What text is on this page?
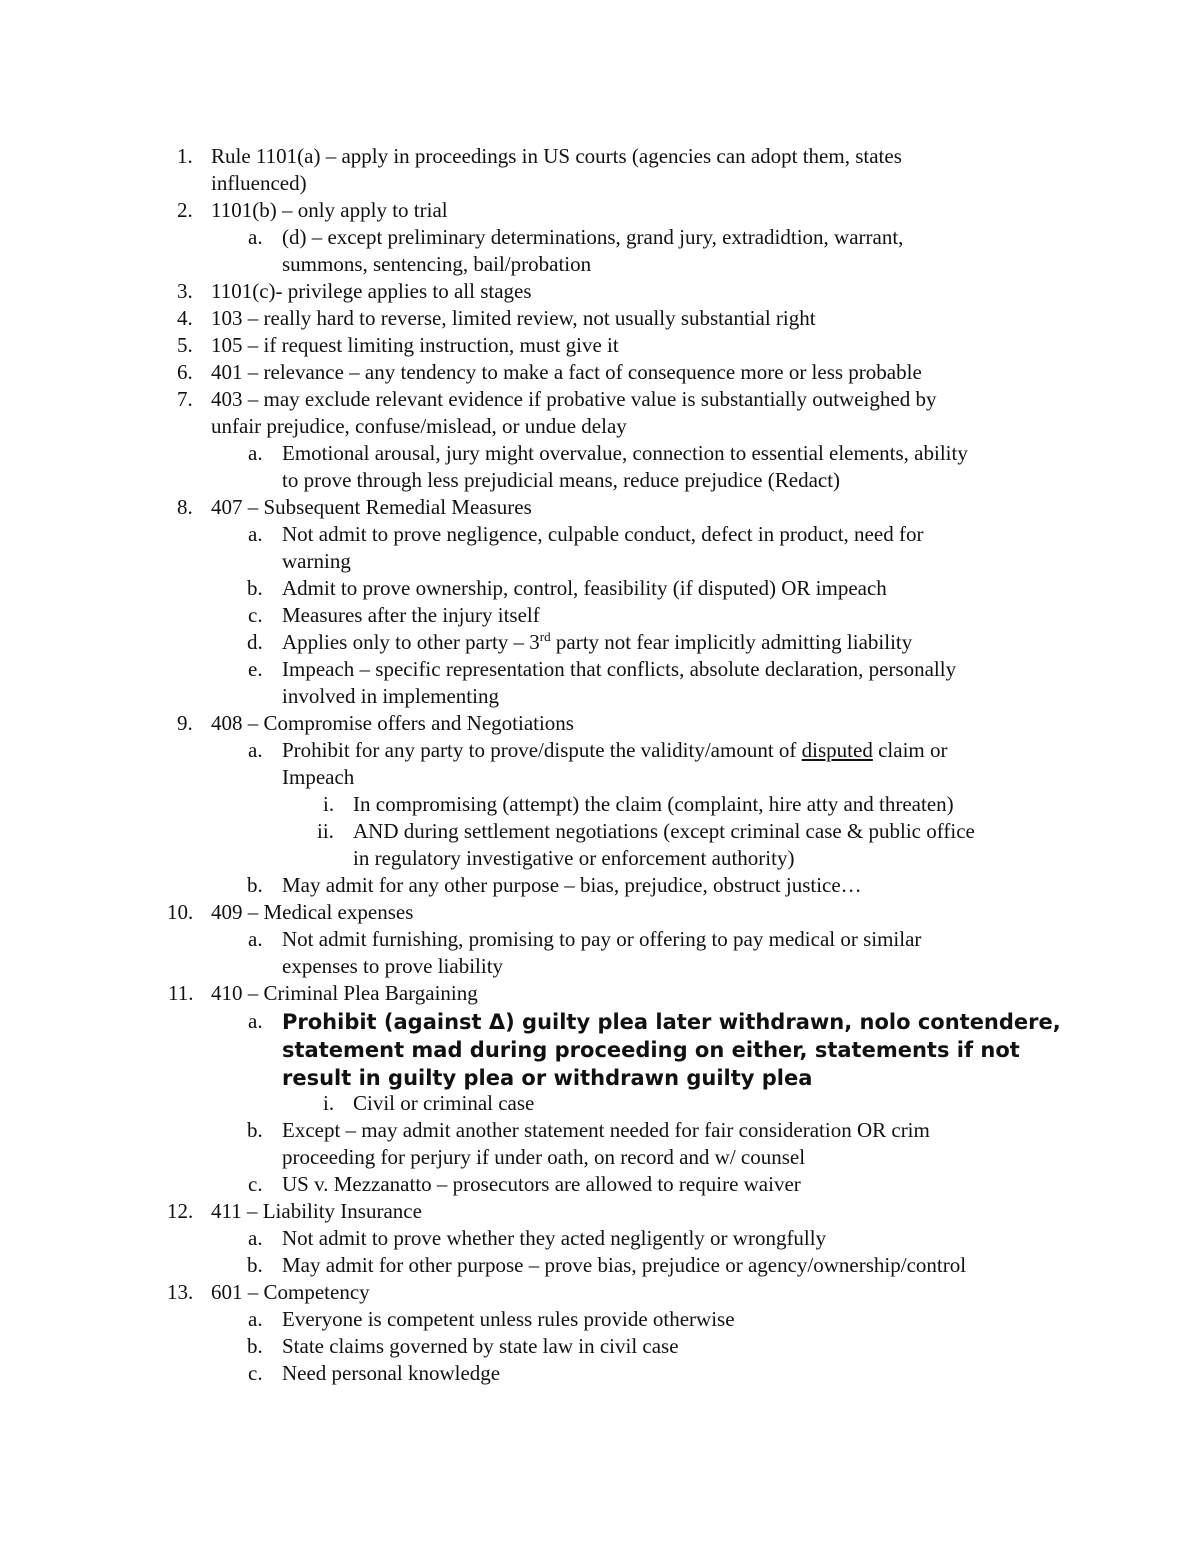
1. Rule 1101(a) – apply in proceedings in US courts (agencies can adopt them, states
influenced)
2. 1101(b) – only apply to trial
a. (d) – except preliminary determinations, grand jury, extradidtion, warrant,
summons, sentencing, bail/probation
3. 1101(c)- privilege applies to all stages
4. 103 – really hard to reverse, limited review, not usually substantial right
5. 105 – if request limiting instruction, must give it
6. 401 – relevance – any tendency to make a fact of consequence more or less probable
7. 403 – may exclude relevant evidence if probative value is substantially outweighed by
unfair prejudice, confuse/mislead, or undue delay
a. Emotional arousal, jury might overvalue, connection to essential elements, ability
to prove through less prejudicial means, reduce prejudice (Redact)
8. 407 – Subsequent Remedial Measures
a. Not admit to prove negligence, culpable conduct, defect in product, need for
warning
b. Admit to prove ownership, control, feasibility (if disputed) OR impeach
c. Measures after the injury itself
d. Applies only to other party – 3rd party not fear implicitly admitting liability
e. Impeach – specific representation that conflicts, absolute declaration, personally
involved in implementing
9. 408 – Compromise offers and Negotiations
a. Prohibit for any party to prove/dispute the validity/amount of disputed claim or
Impeach
i. In compromising (attempt) the claim (complaint, hire atty and threaten)
ii. AND during settlement negotiations (except criminal case & public office
in regulatory investigative or enforcement authority)
b. May admit for any other purpose – bias, prejudice, obstruct justice…
10. 409 – Medical expenses
a. Not admit furnishing, promising to pay or offering to pay medical or similar
expenses to prove liability
11. 410 – Criminal Plea Bargaining
a. Prohibit (against Δ) guilty plea later withdrawn, nolo contendere,
statement mad during proceeding on either, statements if not
result in guilty plea or withdrawn guilty plea
i. Civil or criminal case
b. Except – may admit another statement needed for fair consideration OR crim
proceeding for perjury if under oath, on record and w/ counsel
c. US v. Mezzanatto – prosecutors are allowed to require waiver
12. 411 – Liability Insurance
a. Not admit to prove whether they acted negligently or wrongfully
b. May admit for other purpose – prove bias, prejudice or agency/ownership/control
13. 601 – Competency
a. Everyone is competent unless rules provide otherwise
b. State claims governed by state law in civil case
c. Need personal knowledge
